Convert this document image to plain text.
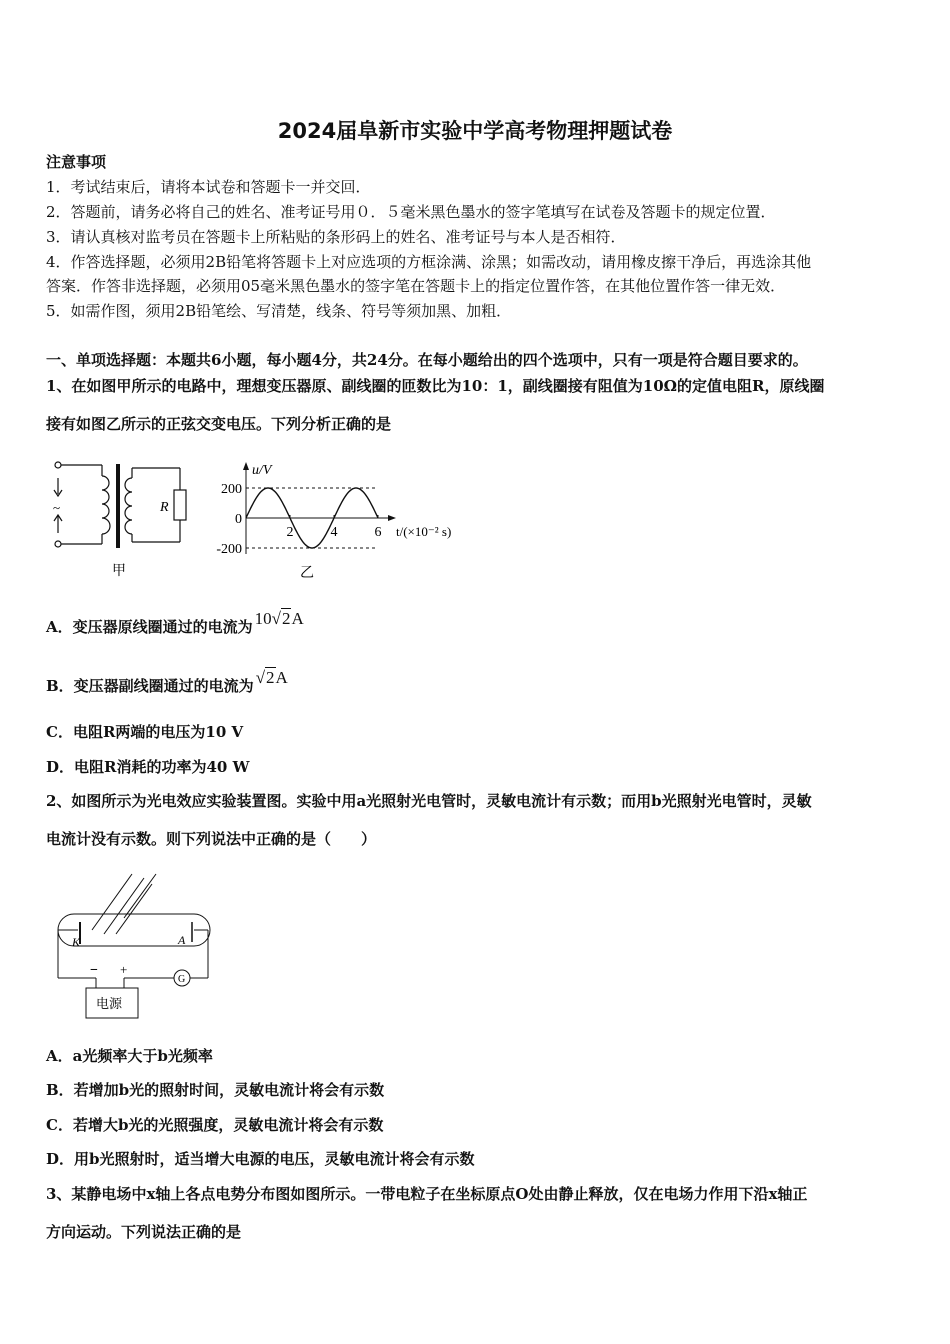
2024届阜新市实验中学高考物理押题试卷
注意事项
1．考试结束后，请将本试卷和答题卡一并交回．
2．答题前，请务必将自己的姓名、准考证号用０．５毫米黑色墨水的签字笔填写在试卷及答题卡的规定位置．
3．请认真核对监考员在答题卡上所粘贴的条形码上的姓名、准考证号与本人是否相符．
4．作答选择题，必须用2B铅笔将答题卡上对应选项的方框涂满、涂黑；如需改动，请用橡皮擦干净后，再选涂其他
答案．作答非选择题，必须用05毫米黑色墨水的签字笔在答题卡上的指定位置作答，在其他位置作答一律无效．
5．如需作图，须用2B铅笔绘、写清楚，线条、符号等须加黑、加粗．
一、单项选择题：本题共6小题，每小题4分，共24分。在每小题给出的四个选项中，只有一项是符合题目要求的。
1、在如图甲所示的电路中，理想变压器原、副线圈的匝数比为10：1，副线圈接有阻值为10Ω的定值电阻R，原线圈
接有如图乙所示的正弦交变电压。下列分析正确的是
~	R
甲
200
0
-200
2	4	6
u/V
t/(×10⁻² s)
乙
A．变压器原线圈通过的电流为 10√2A
B．变压器副线圈通过的电流为 √2A
C．电阻R两端的电压为10 V
D．电阻R消耗的功率为40 W
2、如图所示为光电效应实验装置图。实验中用a光照射光电管时，灵敏电流计有示数；而用b光照射光电管时，灵敏
电流计没有示数。则下列说法中正确的是（　　）
K	A
− +
G
电源
A．a光频率大于b光频率
B．若增加b光的照射时间，灵敏电流计将会有示数
C．若增大b光的光照强度，灵敏电流计将会有示数
D．用b光照射时，适当增大电源的电压，灵敏电流计将会有示数
3、某静电场中x轴上各点电势分布图如图所示。一带电粒子在坐标原点O处由静止释放，仅在电场力作用下沿x轴正
方向运动。下列说法正确的是
